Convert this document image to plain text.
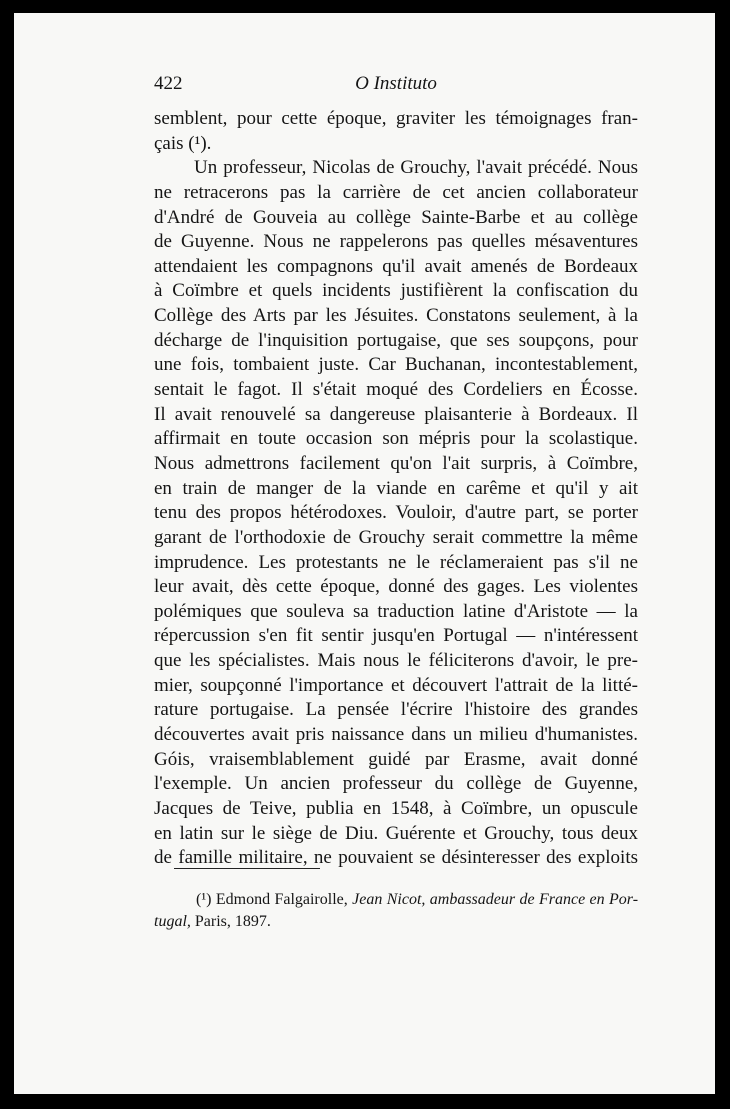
422	O Instituto
semblent, pour cette époque, graviter les témoignages fran-
çais (¹).
Un professeur, Nicolas de Grouchy, l'avait précédé. Nous
ne retracerons pas la carrière de cet ancien collaborateur
d'André de Gouveia au collège Sainte-Barbe et au collège
de Guyenne. Nous ne rappelerons pas quelles mésaventures
attendaient les compagnons qu'il avait amenés de Bordeaux
à Coïmbre et quels incidents justifièrent la confiscation du
Collège des Arts par les Jésuites. Constatons seulement, à la
décharge de l'inquisition portugaise, que ses soupçons, pour
une fois, tombaient juste. Car Buchanan, incontestablement,
sentait le fagot. Il s'était moqué des Cordeliers en Écosse.
Il avait renouvelé sa dangereuse plaisanterie à Bordeaux. Il
affirmait en toute occasion son mépris pour la scolastique.
Nous admettrons facilement qu'on l'ait surpris, à Coïmbre,
en train de manger de la viande en carême et qu'il y ait
tenu des propos hétérodoxes. Vouloir, d'autre part, se porter
garant de l'orthodoxie de Grouchy serait commettre la même
imprudence. Les protestants ne le réclameraient pas s'il ne
leur avait, dès cette époque, donné des gages. Les violentes
polémiques que souleva sa traduction latine d'Aristote — la
répercussion s'en fit sentir jusqu'en Portugal — n'intéressent
que les spécialistes. Mais nous le féliciterons d'avoir, le pre-
mier, soupçonné l'importance et découvert l'attrait de la litté-
rature portugaise. La pensée l'écrire l'histoire des grandes
découvertes avait pris naissance dans un milieu d'humanistes.
Góis, vraisemblablement guidé par Erasme, avait donné
l'exemple. Un ancien professeur du collège de Guyenne,
Jacques de Teive, publia en 1548, à Coïmbre, un opuscule
en latin sur le siège de Diu. Guérente et Grouchy, tous deux
de famille militaire, ne pouvaient se désinteresser des exploits
(¹) Edmond Falgairolle, Jean Nicot, ambassadeur de France en Por-
tugal, Paris, 1897.
